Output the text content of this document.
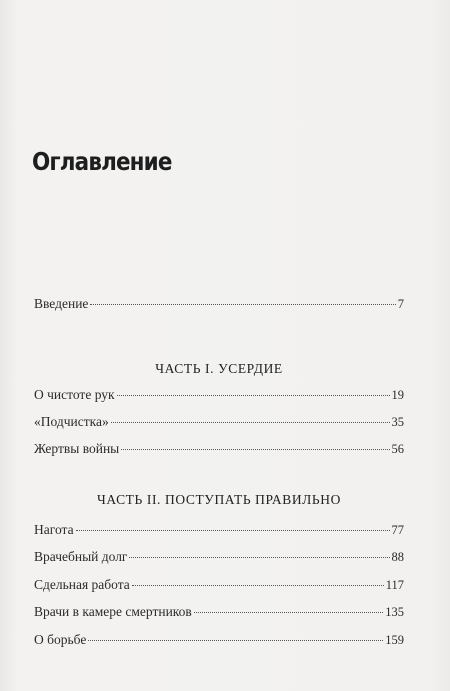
Оглавление
Введение	7
ЧАСТЬ I. УСЕРДИЕ
О чистоте рук	19
«Подчистка»	35
Жертвы войны	56
ЧАСТЬ II. ПОСТУПАТЬ ПРАВИЛЬНО
Нагота	77
Врачебный долг	88
Сдельная работа	117
Врачи в камере смертников	135
О борьбе	159
